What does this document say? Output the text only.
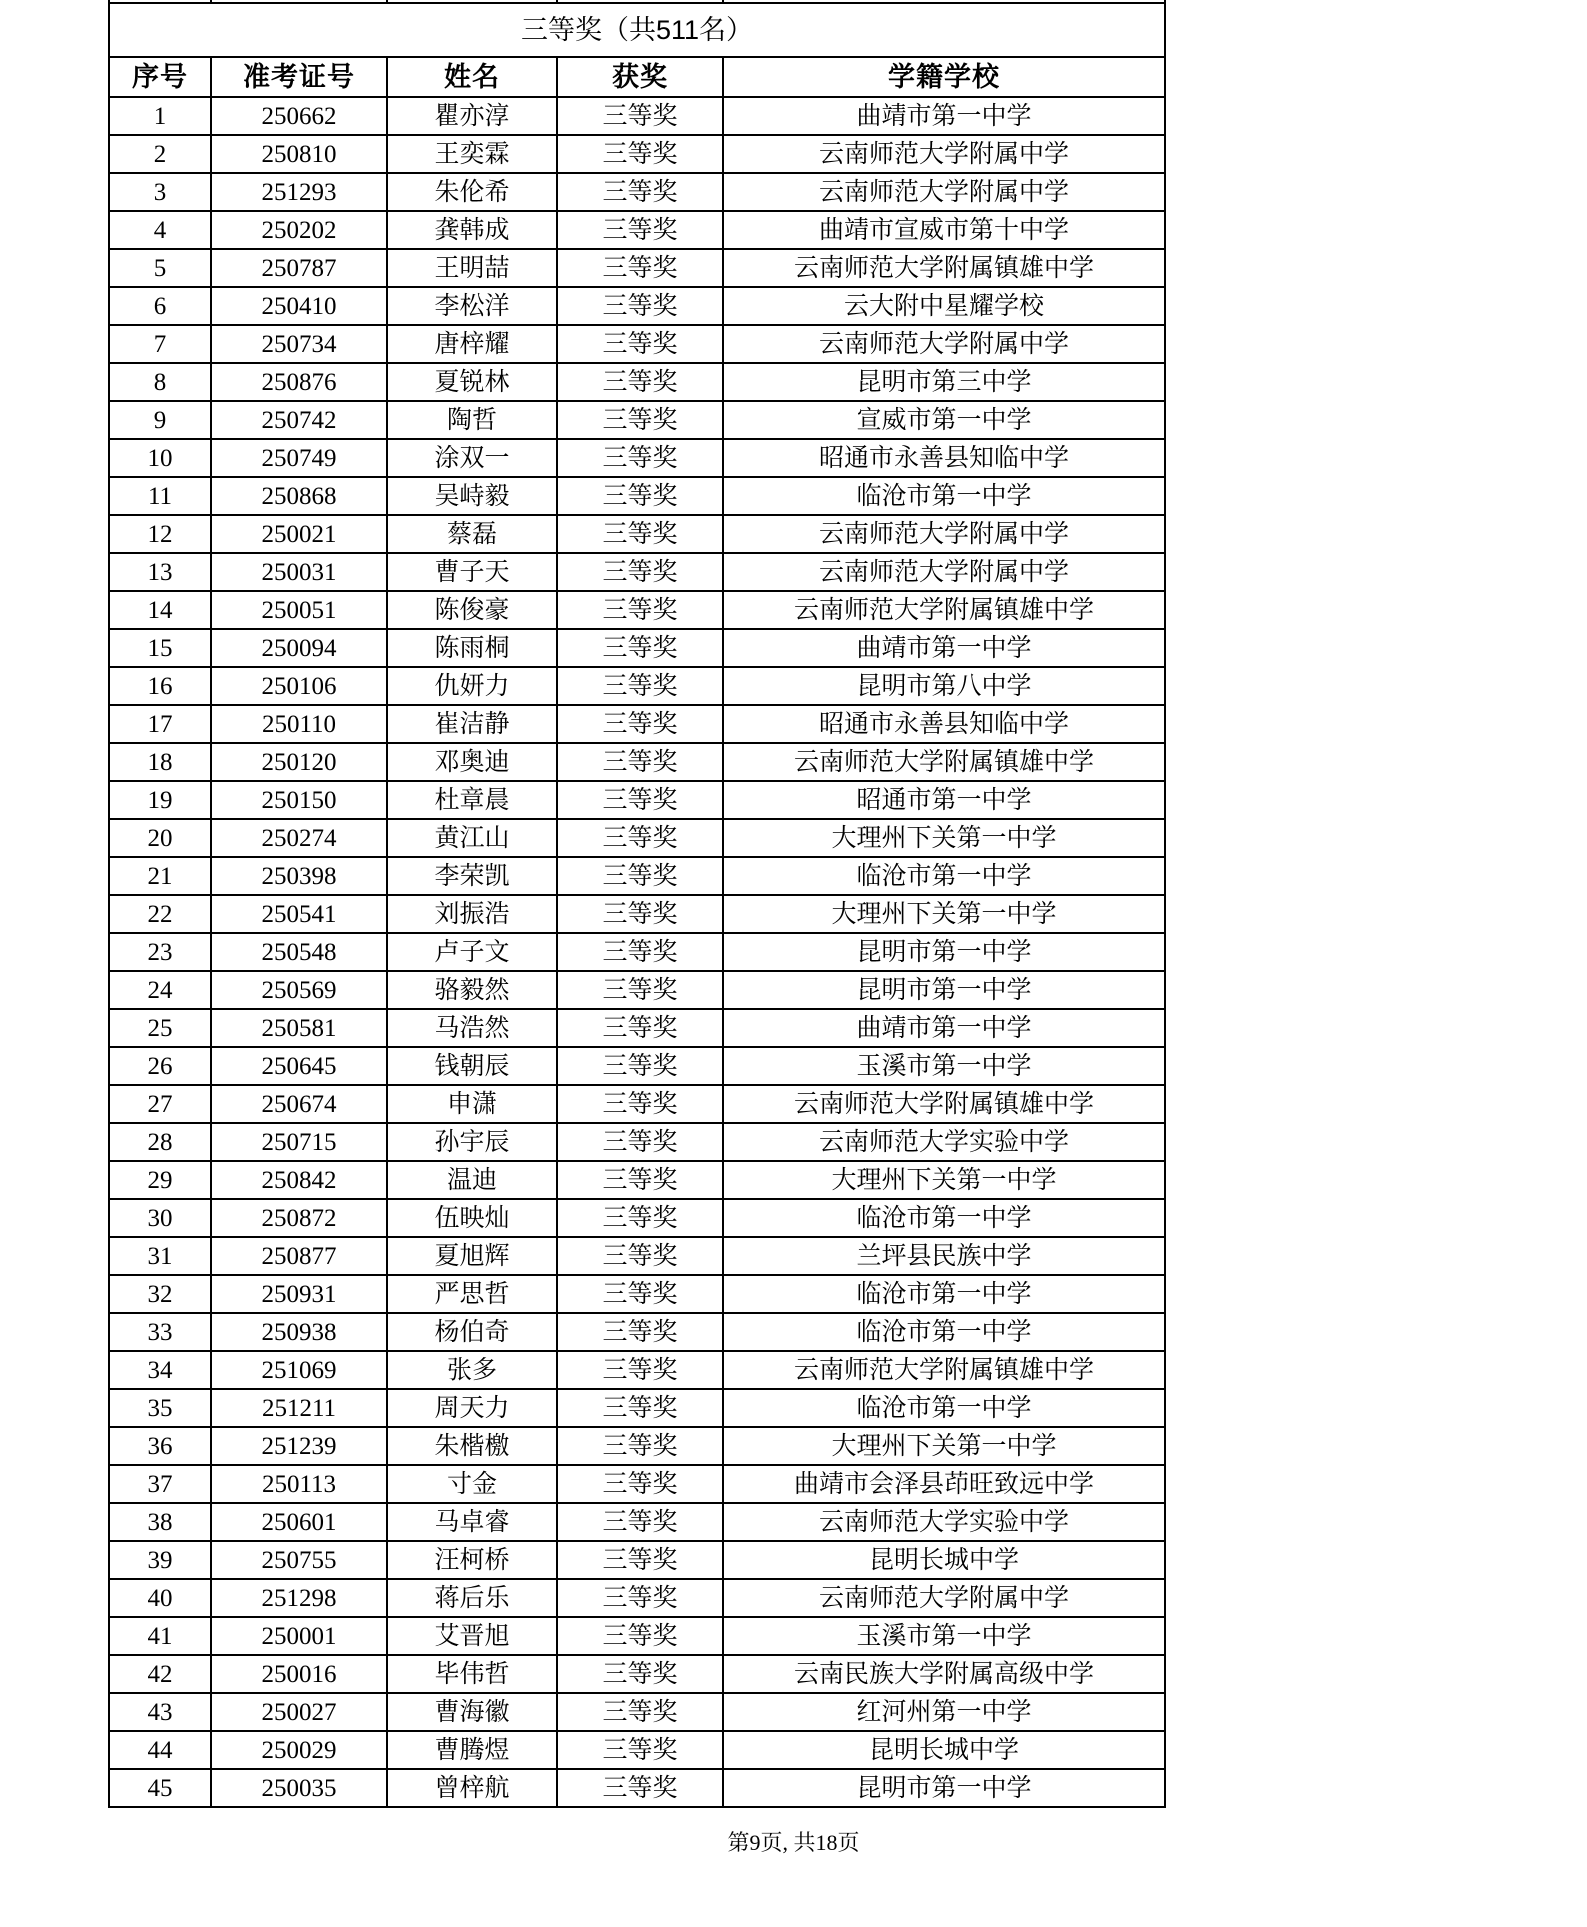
三等奖（共511名）				
序号	准考证号	姓名	获奖	学籍学校
1	250662	瞿亦淳	三等奖	曲靖市第一中学
2	250810	王奕霖	三等奖	云南师范大学附属中学
3	251293	朱伦希	三等奖	云南师范大学附属中学
4	250202	龚韩成	三等奖	曲靖市宣威市第十中学
5	250787	王明喆	三等奖	云南师范大学附属镇雄中学
6	250410	李松洋	三等奖	云大附中星耀学校
7	250734	唐梓耀	三等奖	云南师范大学附属中学
8	250876	夏锐林	三等奖	昆明市第三中学
9	250742	陶哲	三等奖	宣威市第一中学
10	250749	涂双一	三等奖	昭通市永善县知临中学
11	250868	吴峙毅	三等奖	临沧市第一中学
12	250021	蔡磊	三等奖	云南师范大学附属中学
13	250031	曹子天	三等奖	云南师范大学附属中学
14	250051	陈俊豪	三等奖	云南师范大学附属镇雄中学
15	250094	陈雨桐	三等奖	曲靖市第一中学
16	250106	仇妍力	三等奖	昆明市第八中学
17	250110	崔洁静	三等奖	昭通市永善县知临中学
18	250120	邓奥迪	三等奖	云南师范大学附属镇雄中学
19	250150	杜章晨	三等奖	昭通市第一中学
20	250274	黄江山	三等奖	大理州下关第一中学
21	250398	李荣凯	三等奖	临沧市第一中学
22	250541	刘振浩	三等奖	大理州下关第一中学
23	250548	卢子文	三等奖	昆明市第一中学
24	250569	骆毅然	三等奖	昆明市第一中学
25	250581	马浩然	三等奖	曲靖市第一中学
26	250645	钱朝辰	三等奖	玉溪市第一中学
27	250674	申潇	三等奖	云南师范大学附属镇雄中学
28	250715	孙宇辰	三等奖	云南师范大学实验中学
29	250842	温迪	三等奖	大理州下关第一中学
30	250872	伍映灿	三等奖	临沧市第一中学
31	250877	夏旭辉	三等奖	兰坪县民族中学
32	250931	严思哲	三等奖	临沧市第一中学
33	250938	杨伯奇	三等奖	临沧市第一中学
34	251069	张多	三等奖	云南师范大学附属镇雄中学
35	251211	周天力	三等奖	临沧市第一中学
36	251239	朱楷檄	三等奖	大理州下关第一中学
37	250113	寸金	三等奖	曲靖市会泽县茚旺致远中学
38	250601	马卓睿	三等奖	云南师范大学实验中学
39	250755	汪柯桥	三等奖	昆明长城中学
40	251298	蒋后乐	三等奖	云南师范大学附属中学
41	250001	艾晋旭	三等奖	玉溪市第一中学
42	250016	毕伟哲	三等奖	云南民族大学附属高级中学
43	250027	曹海徽	三等奖	红河州第一中学
44	250029	曹腾煜	三等奖	昆明长城中学
45	250035	曾梓航	三等奖	昆明市第一中学
第9页, 共18页
